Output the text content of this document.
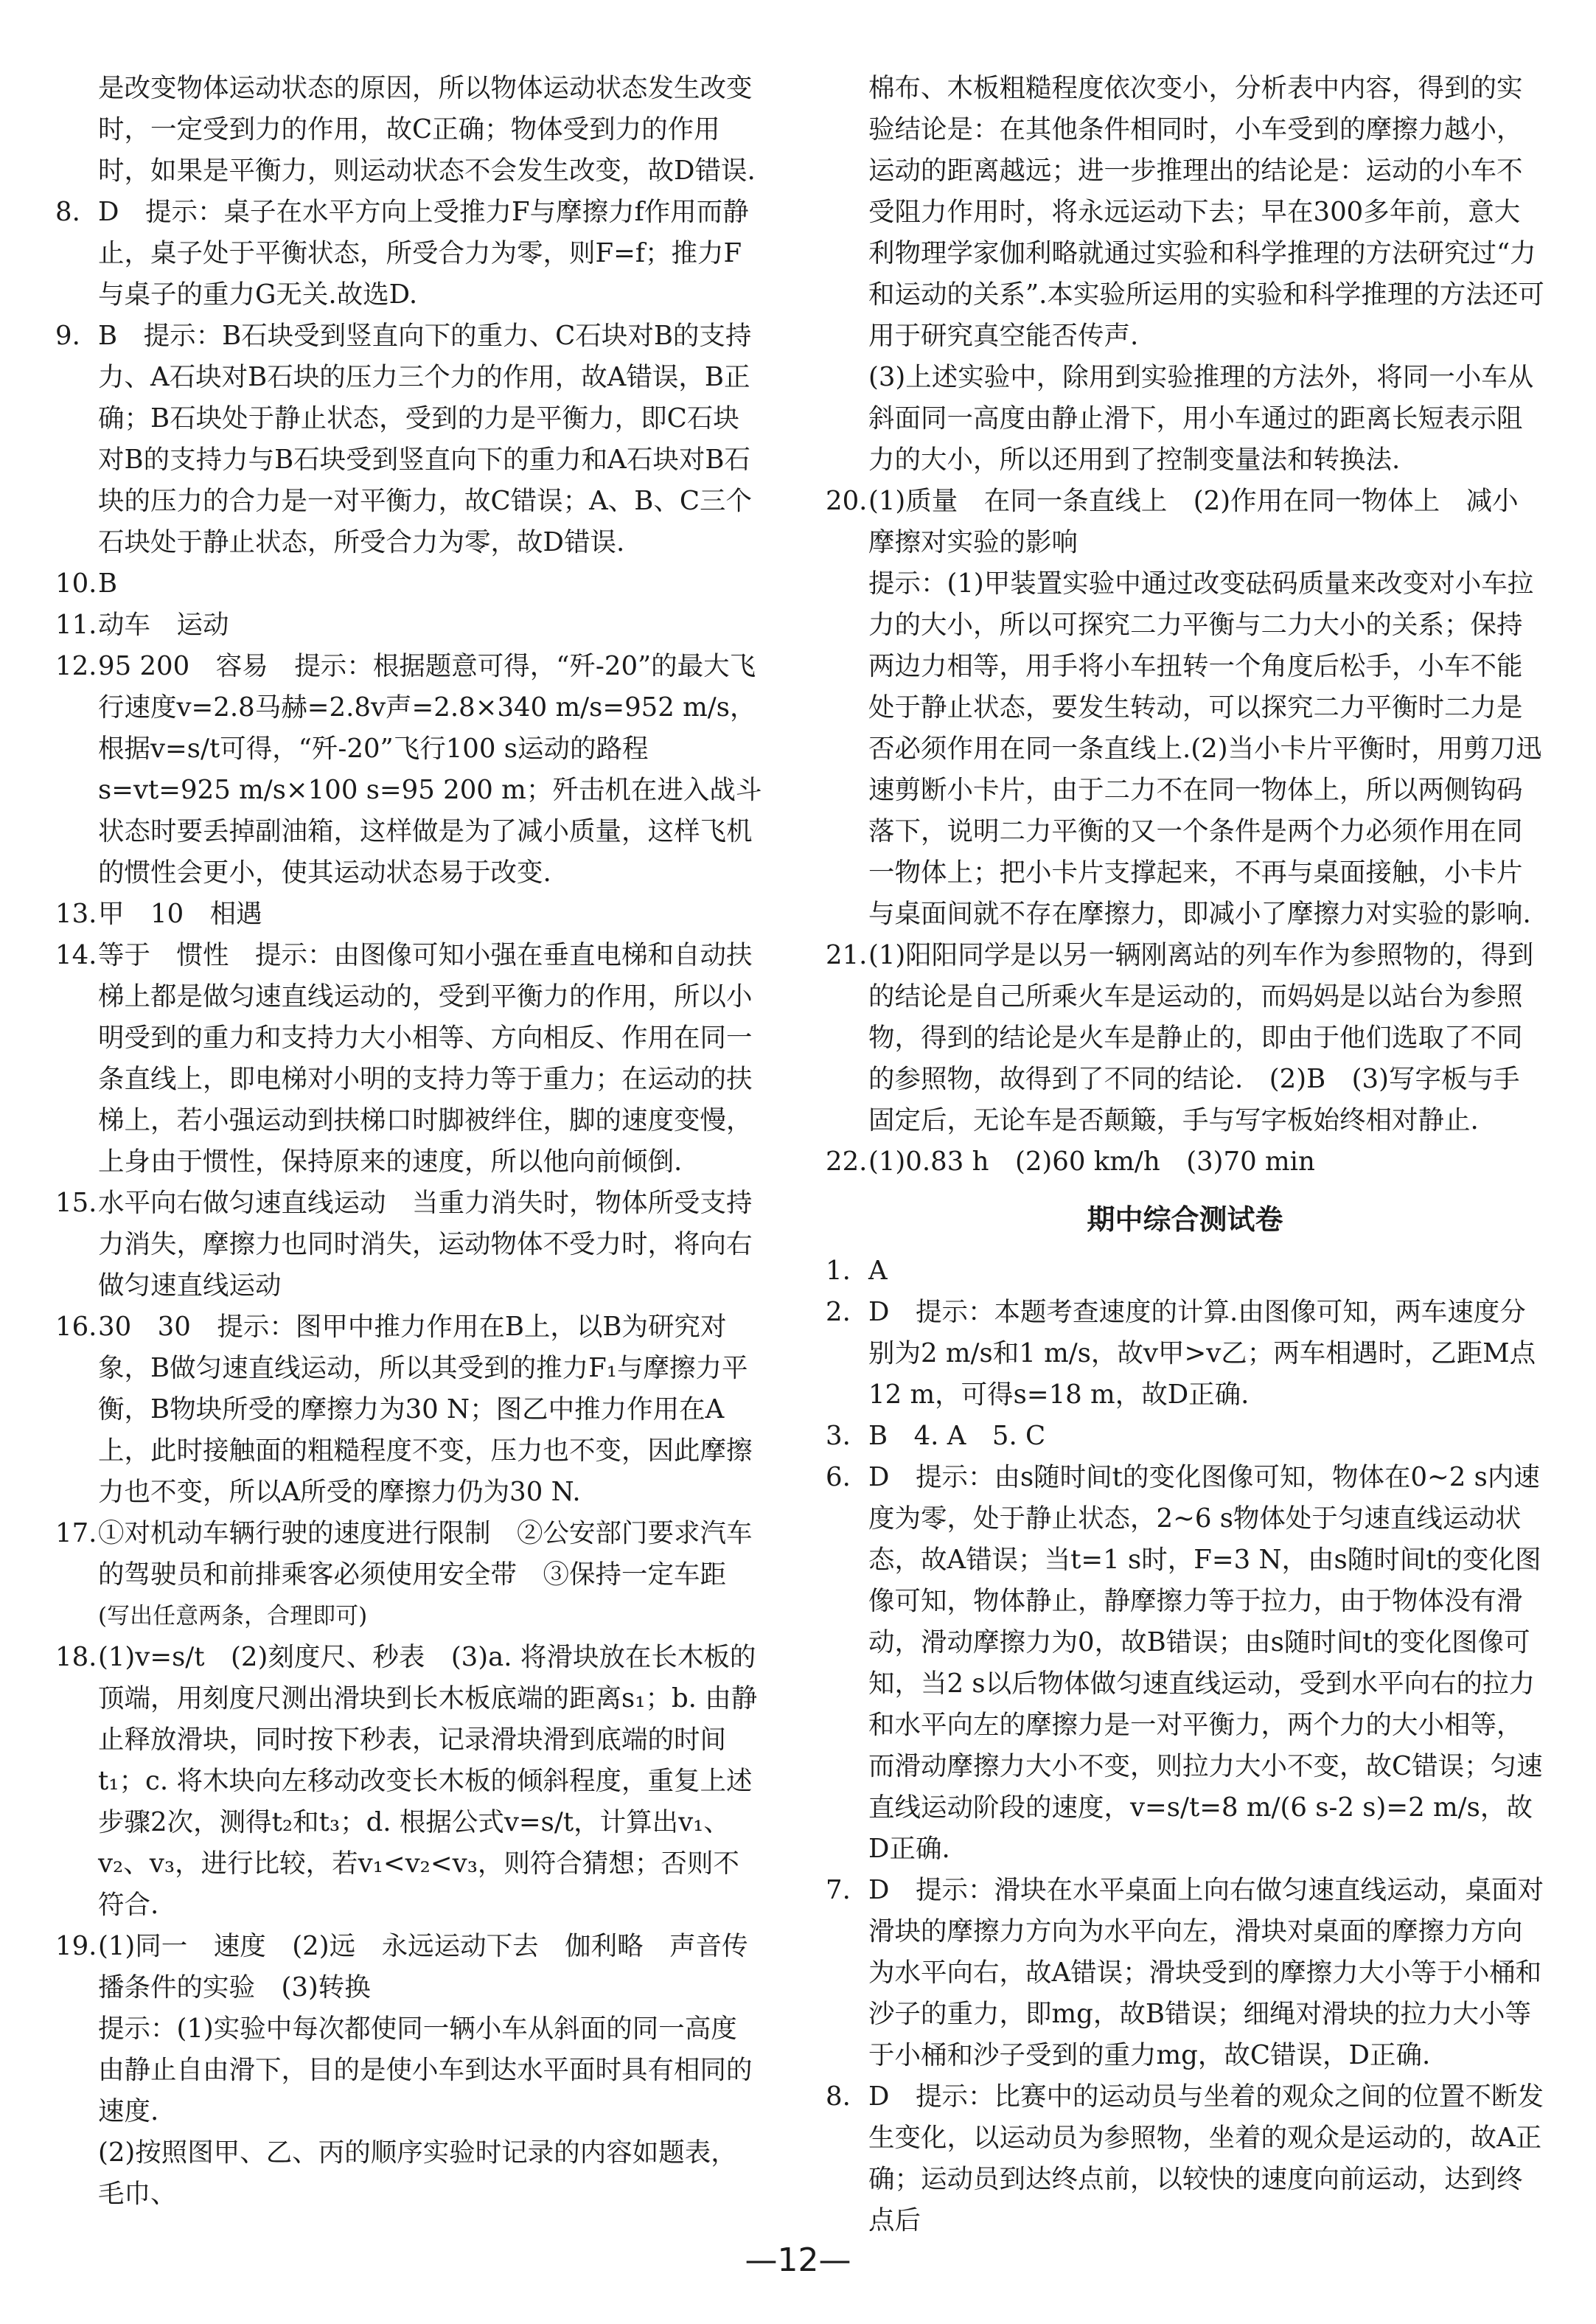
是改变物体运动状态的原因，所以物体运动状态发生改变时，一定受到力的作用，故C正确；物体受到力的作用时，如果是平衡力，则运动状态不会发生改变，故D错误.

8. D　提示：桌子在水平方向上受推力F与摩擦力f作用而静止，桌子处于平衡状态，所受合力为零，则F=f；推力F与桌子的重力G无关.故选D.

9. B　提示：B石块受到竖直向下的重力、C石块对B的支持力、A石块对B石块的压力三个力的作用，故A错误，B正确；B石块处于静止状态，受到的力是平衡力，即C石块对B的支持力与B石块受到竖直向下的重力和A石块对B石块的压力的合力是一对平衡力，故C错误；A、B、C三个石块处于静止状态，所受合力为零，故D错误.

10. B

11. 动车　运动

12. 95 200　容易　提示：根据题意可得，“歼-20”的最大飞行速度v=2.8马赫=2.8v声=2.8×340 m/s=952 m/s，根据v=s/t可得，“歼-20”飞行100 s运动的路程s=vt=925 m/s×100 s=95 200 m；歼击机在进入战斗状态时要丢掉副油箱，这样做是为了减小质量，这样飞机的惯性会更小，使其运动状态易于改变.

13. 甲　10　相遇

14. 等于　惯性　提示：由图像可知小强在垂直电梯和自动扶梯上都是做匀速直线运动的，受到平衡力的作用，所以小明受到的重力和支持力大小相等、方向相反、作用在同一条直线上，即电梯对小明的支持力等于重力；在运动的扶梯上，若小强运动到扶梯口时脚被绊住，脚的速度变慢，上身由于惯性，保持原来的速度，所以他向前倾倒.

15. 水平向右做匀速直线运动　当重力消失时，物体所受支持力消失，摩擦力也同时消失，运动物体不受力时，将向右做匀速直线运动

16. 30　30　提示：图甲中推力作用在B上，以B为研究对象，B做匀速直线运动，所以其受到的推力F₁与摩擦力平衡，B物块所受的摩擦力为30 N；图乙中推力作用在A上，此时接触面的粗糙程度不变，压力也不变，因此摩擦力也不变，所以A所受的摩擦力仍为30 N.

17. ①对机动车辆行驶的速度进行限制　②公安部门要求汽车的驾驶员和前排乘客必须使用安全带　③保持一定车距

(写出任意两条，合理即可)

18. (1)v=s/t　(2)刻度尺、秒表　(3)a. 将滑块放在长木板的顶端，用刻度尺测出滑块到长木板底端的距离s₁；b. 由静止释放滑块，同时按下秒表，记录滑块滑到底端的时间t₁；c. 将木块向左移动改变长木板的倾斜程度，重复上述步骤2次，测得t₂和t₃；d. 根据公式v=s/t，计算出v₁、v₂、v₃，进行比较，若v₁<v₂<v₃，则符合猜想；否则不符合.

19. (1)同一　速度　(2)远　永远运动下去　伽利略　声音传播条件的实验　(3)转换

提示：(1)实验中每次都使同一辆小车从斜面的同一高度由静止自由滑下，目的是使小车到达水平面时具有相同的速度.

(2)按照图甲、乙、丙的顺序实验时记录的内容如题表，毛巾、

棉布、木板粗糙程度依次变小，分析表中内容，得到的实验结论是：在其他条件相同时，小车受到的摩擦力越小，运动的距离越远；进一步推理出的结论是：运动的小车不受阻力作用时，将永远运动下去；早在300多年前，意大利物理学家伽利略就通过实验和科学推理的方法研究过“力和运动的关系”.本实验所运用的实验和科学推理的方法还可用于研究真空能否传声.

(3)上述实验中，除用到实验推理的方法外，将同一小车从斜面同一高度由静止滑下，用小车通过的距离长短表示阻力的大小，所以还用到了控制变量法和转换法.

20. (1)质量　在同一条直线上　(2)作用在同一物体上　减小摩擦对实验的影响

提示：(1)甲装置实验中通过改变砝码质量来改变对小车拉力的大小，所以可探究二力平衡与二力大小的关系；保持两边力相等，用手将小车扭转一个角度后松手，小车不能处于静止状态，要发生转动，可以探究二力平衡时二力是否必须作用在同一条直线上.(2)当小卡片平衡时，用剪刀迅速剪断小卡片，由于二力不在同一物体上，所以两侧钩码落下，说明二力平衡的又一个条件是两个力必须作用在同一物体上；把小卡片支撑起来，不再与桌面接触，小卡片与桌面间就不存在摩擦力，即减小了摩擦力对实验的影响.

21. (1)阳阳同学是以另一辆刚离站的列车作为参照物的，得到的结论是自己所乘火车是运动的，而妈妈是以站台为参照物，得到的结论是火车是静止的，即由于他们选取了不同的参照物，故得到了不同的结论.　(2)B　(3)写字板与手固定后，无论车是否颠簸，手与写字板始终相对静止.

22. (1)0.83 h　(2)60 km/h　(3)70 min

期中综合测试卷
1. A

2. D　提示：本题考查速度的计算.由图像可知，两车速度分别为2 m/s和1 m/s，故v甲>v乙；两车相遇时，乙距M点12 m，可得s=18 m，故D正确.

3. B　4. A　5. C

6. D　提示：由s随时间t的变化图像可知，物体在0~2 s内速度为零，处于静止状态，2~6 s物体处于匀速直线运动状态，故A错误；当t=1 s时，F=3 N，由s随时间t的变化图像可知，物体静止，静摩擦力等于拉力，由于物体没有滑动，滑动摩擦力为0，故B错误；由s随时间t的变化图像可知，当2 s以后物体做匀速直线运动，受到水平向右的拉力和水平向左的摩擦力是一对平衡力，两个力的大小相等，而滑动摩擦力大小不变，则拉力大小不变，故C错误；匀速直线运动阶段的速度，v=s/t=8 m/(6 s-2 s)=2 m/s，故D正确.

7. D　提示：滑块在水平桌面上向右做匀速直线运动，桌面对滑块的摩擦力方向为水平向左，滑块对桌面的摩擦力方向为水平向右，故A错误；滑块受到的摩擦力大小等于小桶和沙子的重力，即mg，故B错误；细绳对滑块的拉力大小等于小桶和沙子受到的重力mg，故C错误，D正确.

8. D　提示：比赛中的运动员与坐着的观众之间的位置不断发生变化，以运动员为参照物，坐着的观众是运动的，故A正确；运动员到达终点前，以较快的速度向前运动，达到终点后

—12—
